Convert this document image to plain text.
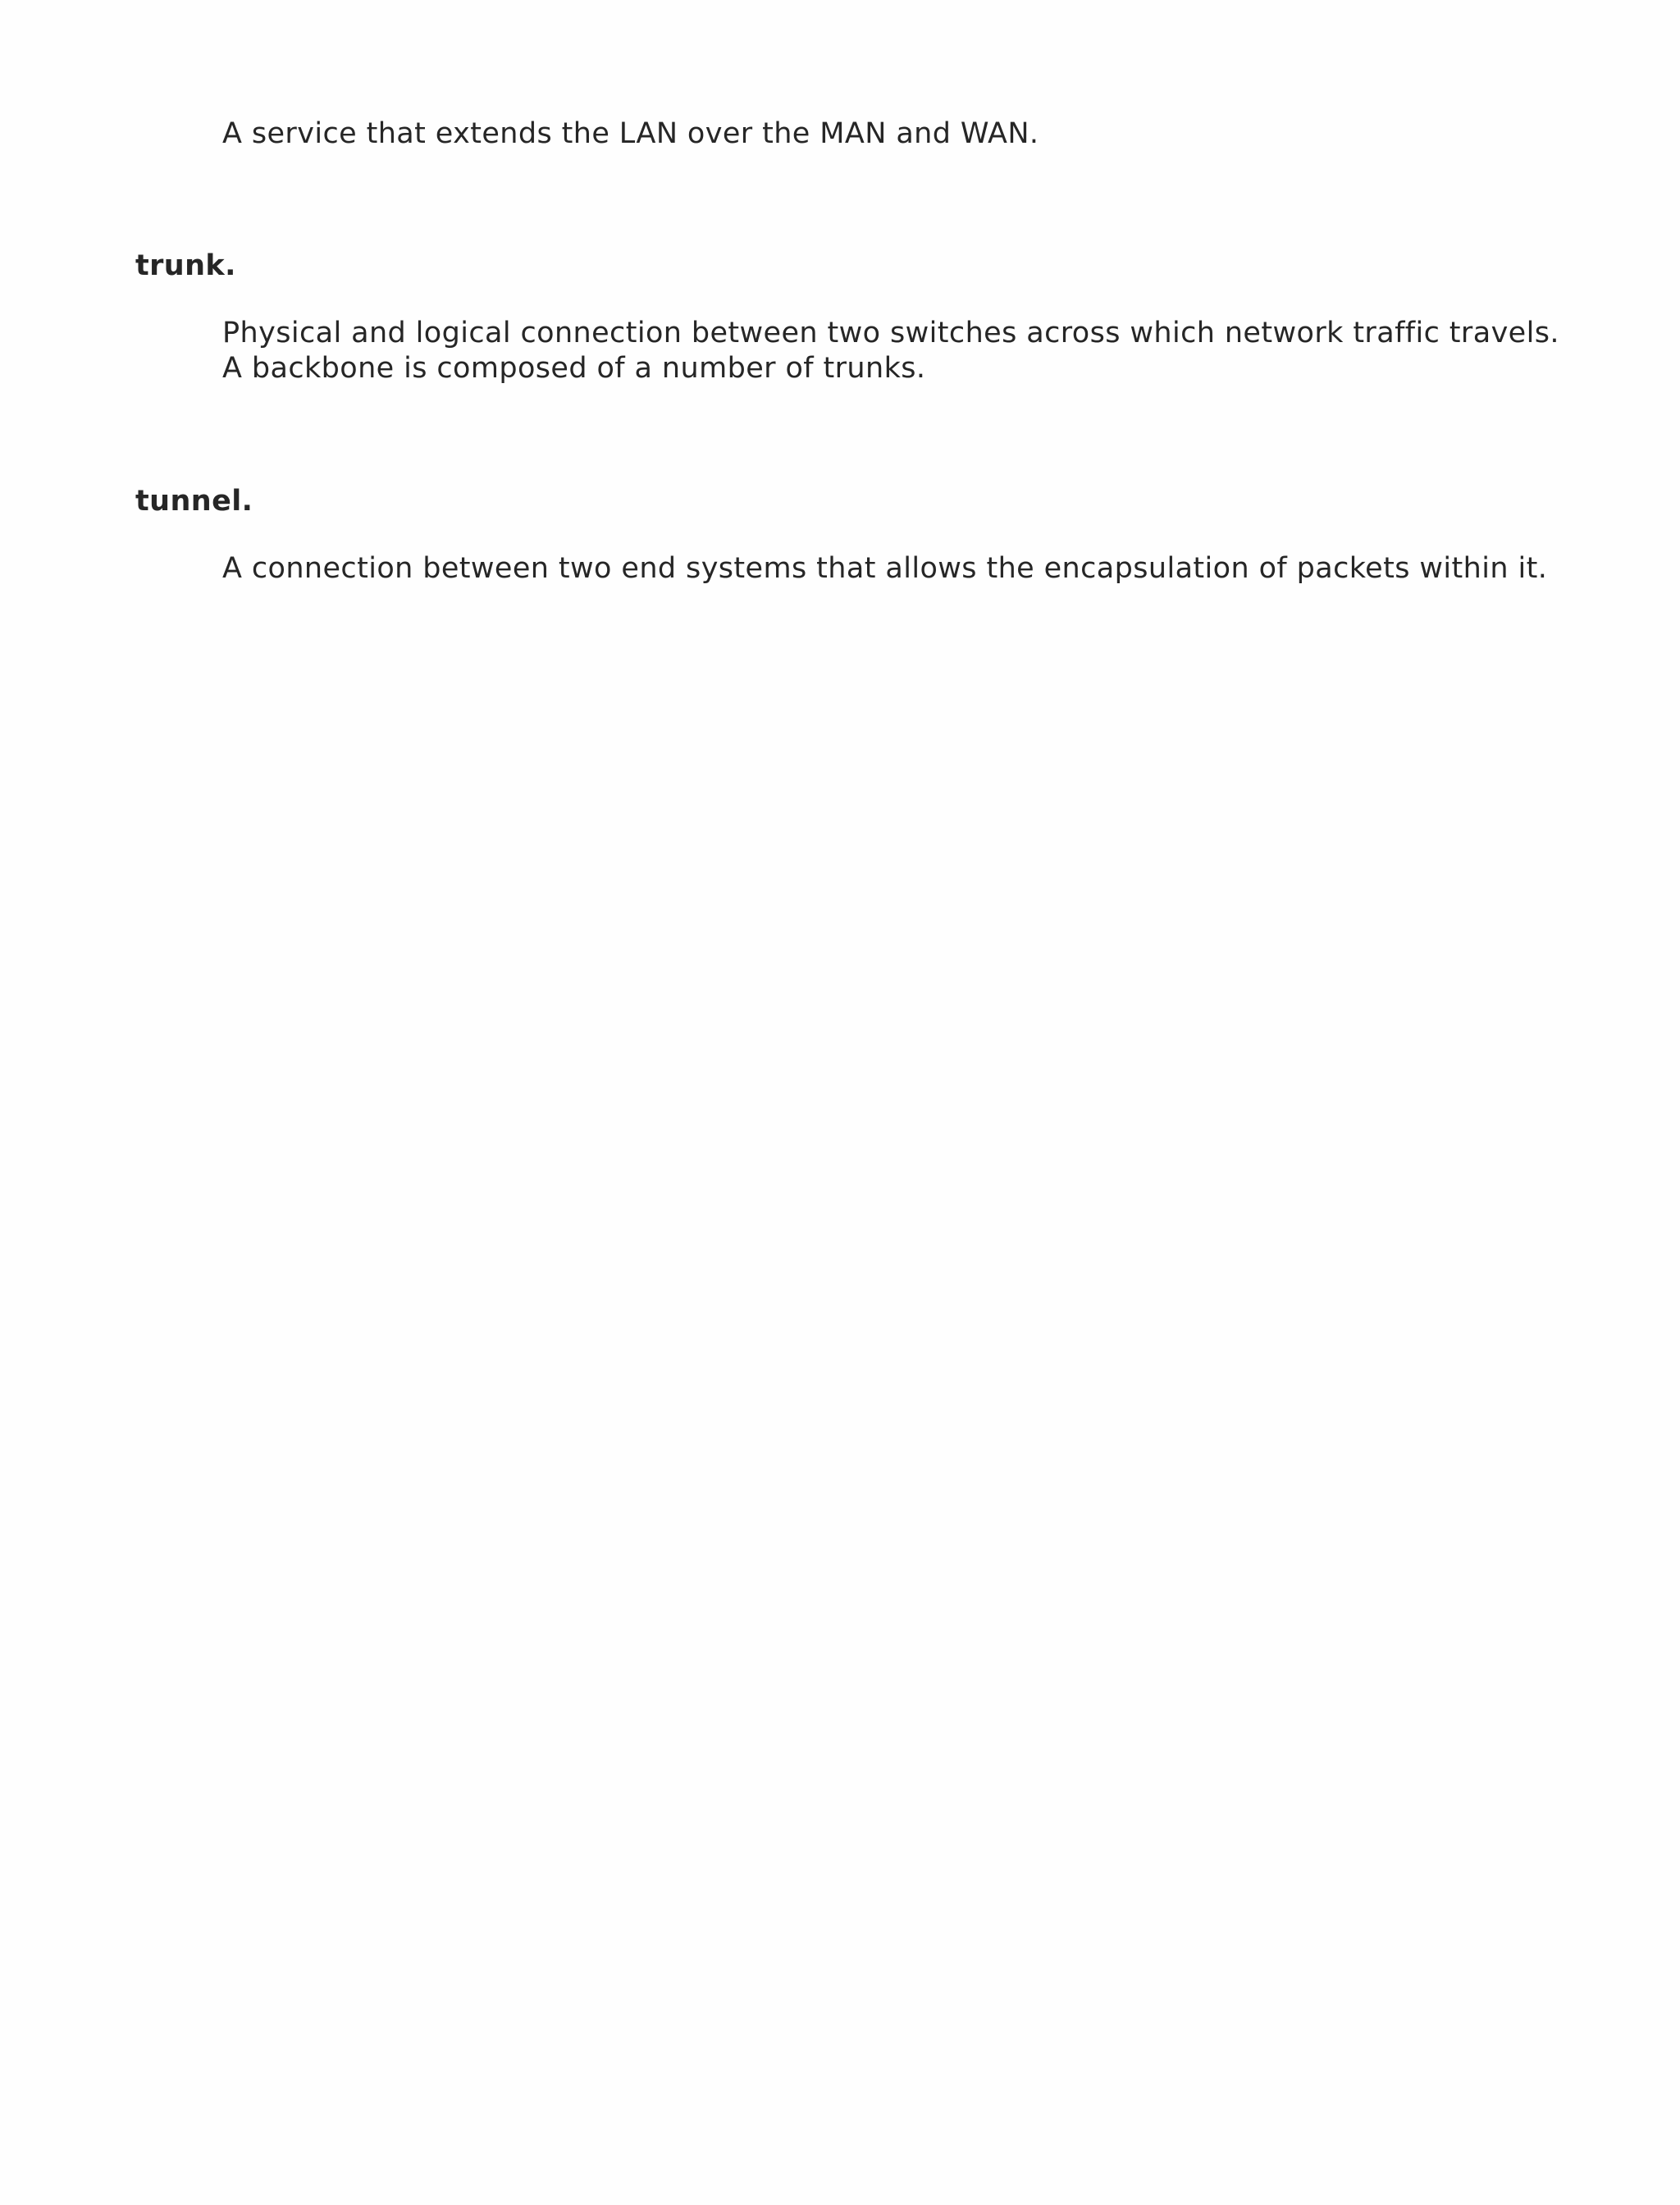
A service that extends the LAN over the MAN and WAN.
trunk.
Physical and logical connection between two switches across which network traffic travels.
A backbone is composed of a number of trunks.
tunnel.
A connection between two end systems that allows the encapsulation of packets within it.
